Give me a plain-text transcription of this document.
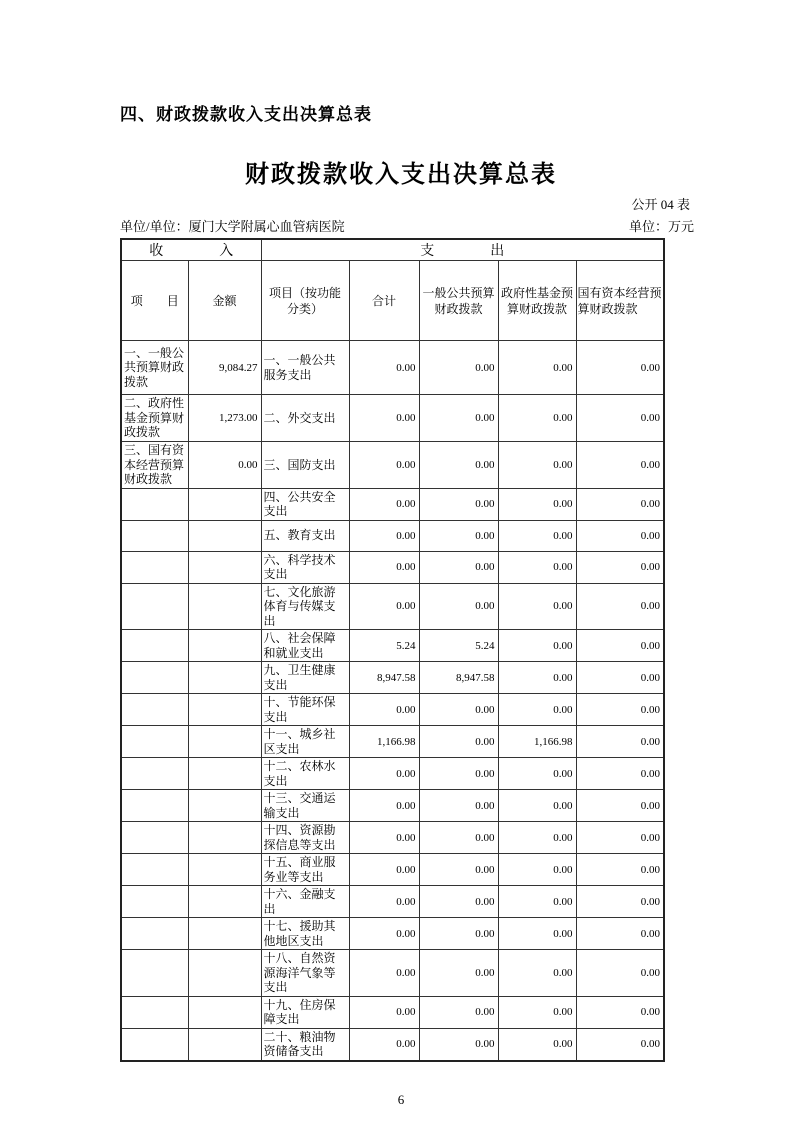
四、财政拨款收入支出决算总表
财政拨款收入支出决算总表
公开 04 表
单位/单位：厦门大学附属心血管病医院	单位：万元
收　　　　入		支　　　　出				
项　　目	金额	项目（按功能分类）	合计	一般公共预算财政拨款	政府性基金预算财政拨款	国有资本经营预算财政拨款
一、一般公共预算财政拨款	9,084.27	一、一般公共服务支出	0.00	0.00	0.00	0.00
二、政府性基金预算财政拨款	1,273.00	二、外交支出	0.00	0.00	0.00	0.00
三、国有资本经营预算财政拨款	0.00	三、国防支出	0.00	0.00	0.00	0.00
		四、公共安全支出	0.00	0.00	0.00	0.00
		五、教育支出	0.00	0.00	0.00	0.00
		六、科学技术支出	0.00	0.00	0.00	0.00
		七、文化旅游体育与传媒支出	0.00	0.00	0.00	0.00
		八、社会保障和就业支出	5.24	5.24	0.00	0.00
		九、卫生健康支出	8,947.58	8,947.58	0.00	0.00
		十、节能环保支出	0.00	0.00	0.00	0.00
		十一、城乡社区支出	1,166.98	0.00	1,166.98	0.00
		十二、农林水支出	0.00	0.00	0.00	0.00
		十三、交通运输支出	0.00	0.00	0.00	0.00
		十四、资源勘探信息等支出	0.00	0.00	0.00	0.00
		十五、商业服务业等支出	0.00	0.00	0.00	0.00
		十六、金融支出	0.00	0.00	0.00	0.00
		十七、援助其他地区支出	0.00	0.00	0.00	0.00
		十八、自然资源海洋气象等支出	0.00	0.00	0.00	0.00
		十九、住房保障支出	0.00	0.00	0.00	0.00
		二十、粮油物资储备支出	0.00	0.00	0.00	0.00
6
